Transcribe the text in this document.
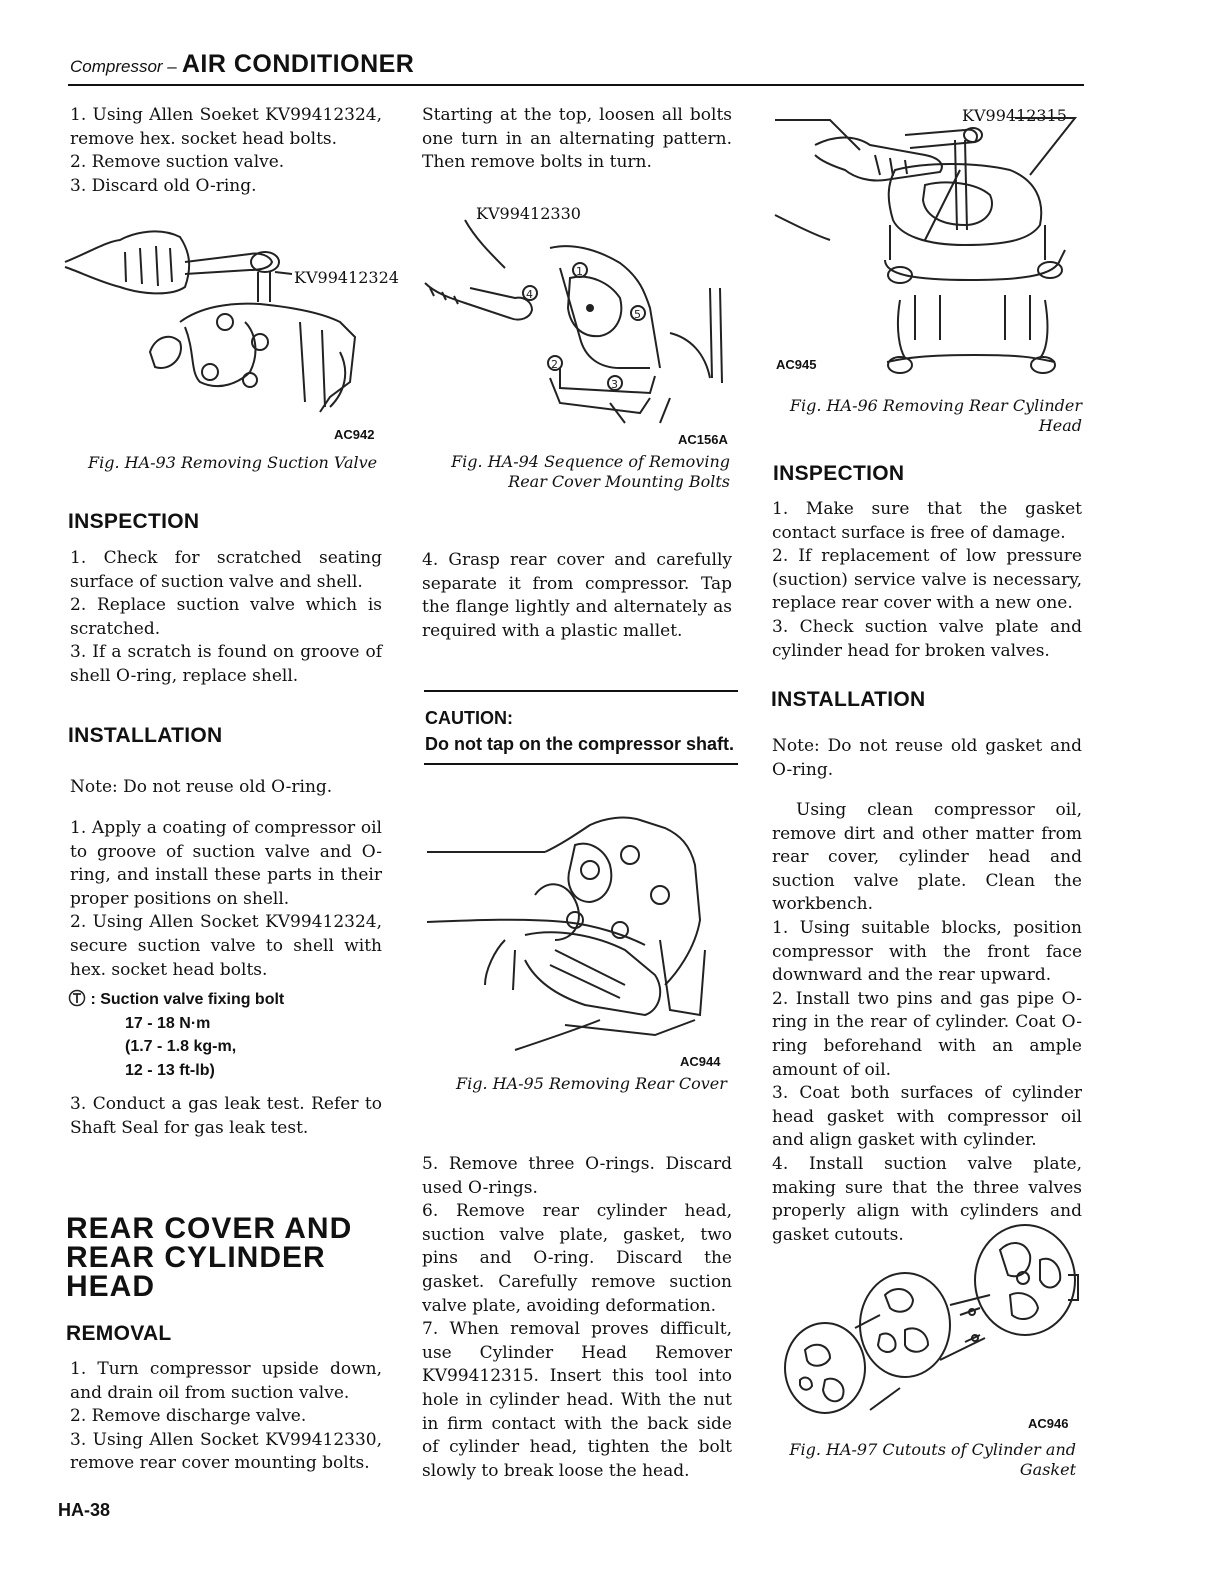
Compressor – AIR CONDITIONER

1. Using Allen Soeket KV99412324, remove hex. socket head bolts.

2. Remove suction valve.

3. Discard old O-ring.

KV99412324
AC942
Fig. HA-93 Removing Suction Valve

INSPECTION

1. Check for scratched seating surface of suction valve and shell.

2. Replace suction valve which is scratched.

3. If a scratch is found on groove of shell O-ring, replace shell.

INSTALLATION

Note: Do not reuse old O-ring.

1. Apply a coating of compressor oil to groove of suction valve and O-ring, and install these parts in their proper positions on shell.

2. Using Allen Socket KV99412324, secure suction valve to shell with hex. socket head bolts.

: Suction valve fixing bolt
17 - 18 N·m
(1.7 - 1.8 kg-m,
12 - 13 ft-lb)

3. Conduct a gas leak test. Refer to Shaft Seal for gas leak test.

REAR COVER AND REAR CYLINDER HEAD

REMOVAL

1. Turn compressor upside down, and drain oil from suction valve.

2. Remove discharge valve.

3. Using Allen Socket KV99412330, remove rear cover mounting bolts.

Starting at the top, loosen all bolts one turn in an alternating pattern. Then remove bolts in turn.

KV99412330
4
1
5
2
3
AC156A
Fig. HA-94 Sequence of Removing Rear Cover Mounting Bolts

4. Grasp rear cover and carefully separate it from compressor. Tap the flange lightly and alternately as required with a plastic mallet.

CAUTION:
Do not tap on the compressor shaft.
AC944
Fig. HA-95 Removing Rear Cover

5. Remove three O-rings. Discard used O-rings.

6. Remove rear cylinder head, suction valve plate, gasket, two pins and O-ring. Discard the gasket. Carefully remove suction valve plate, avoiding deformation.

7. When removal proves difficult, use Cylinder Head Remover KV99412315. Insert this tool into hole in cylinder head. With the nut in firm contact with the back side of cylinder head, tighten the bolt slowly to break loose the head.

KV99412315
AC945
Fig. HA-96 Removing Rear Cylinder Head

INSPECTION

1. Make sure that the gasket contact surface is free of damage.

2. If replacement of low pressure (suction) service valve is necessary, replace rear cover with a new one.

3. Check suction valve plate and cylinder head for broken valves.

INSTALLATION

Note: Do not reuse old gasket and O-ring.

Using clean compressor oil, remove dirt and other matter from rear cover, cylinder head and suction valve plate. Clean the workbench.

1. Using suitable blocks, position compressor with the front face downward and the rear upward.

2. Install two pins and gas pipe O-ring in the rear of cylinder. Coat O-ring beforehand with an ample amount of oil.

3. Coat both surfaces of cylinder head gasket with compressor oil and align gasket with cylinder.

4. Install suction valve plate, making sure that the three valves properly align with cylinders and gasket cutouts.

AC946
Fig. HA-97 Cutouts of Cylinder and Gasket
HA-38
